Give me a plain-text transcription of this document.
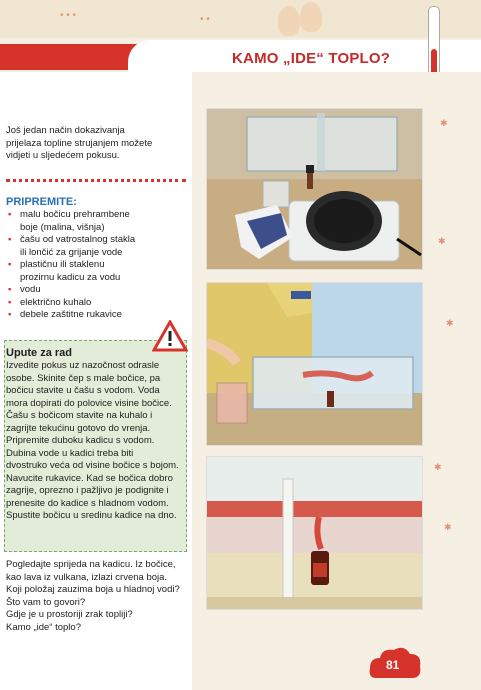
• • •	• •
KAMO „IDE“ TOPLO?
Još jedan način dokazivanja
prijelaza topline strujanjem možete
vidjeti u sljedećem pokusu.
PRIPREMITE:
▪ malu bočicu prehrambene
boje (malina, višnja)
▪ čašu od vatrostalnog stakla
ili lončić za grijanje vode
▪ plastičnu ili staklenu
prozirnu kadicu za vodu
▪ vodu
▪ električno kuhalo
▪ debele zaštitne rukavice
Upute za rad
Izvedite pokus uz nazočnost odrasle
osobe. Skinite čep s male bočice, pa
bočicu stavite u čašu s vodom. Voda
mora dopirati do polovice visine bočice.
Čašu s bočicom stavite na kuhalo i
zagrijte tekućinu gotovo do vrenja.
Pripremite duboku kadicu s vodom.
Dubina vode u kadici treba biti
dvostruko veća od visine bočice s bojom.
Navucite rukavice. Kad se bočica dobro
zagrije, oprezno i pažljivo je podignite i
prenesite do kadice s hladnom vodom.
Spustite bočicu u sredinu kadice na dno.
Pogledajte sprijeda na kadicu. Iz bočice,
kao lava iz vulkana, izlazi crvena boja.
Koji položaj zauzima boja u hladnoj vodi?
Što vam to govori?
Gdje je u prostoriji zrak topliji?
Kamo „ide“ toplo?
✱
✱
✱
✱
✱
81
